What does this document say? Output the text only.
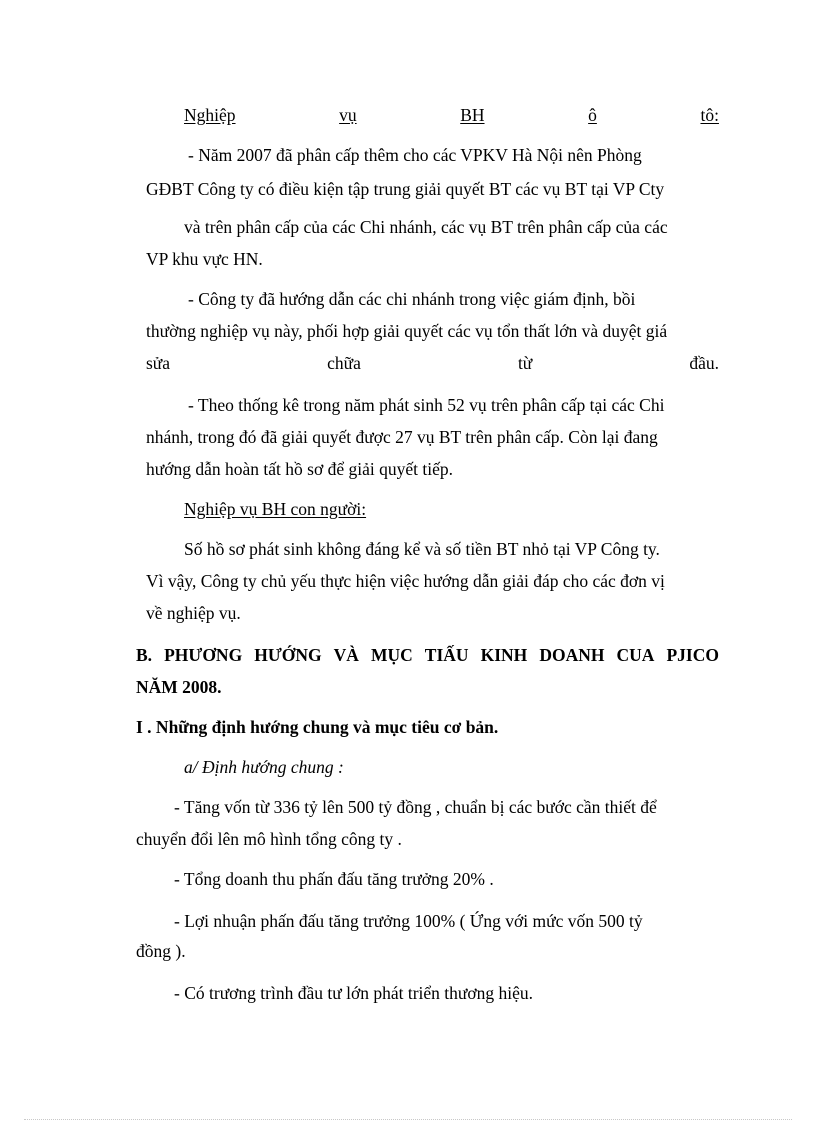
Nghiệp	vụ	BH	ô	tô:
- Năm 2007 đã phân cấp thêm cho các VPKV Hà Nội nên Phòng
GĐBT Công ty có điều kiện tập trung giải quyết BT các vụ BT tại VP Cty
và trên phân cấp của các Chi nhánh, các vụ BT trên phân cấp của các
VP khu vực HN.
- Công ty đã hướng dẫn các chi nhánh trong việc giám định, bồi
thường nghiệp vụ này, phối hợp giải quyết các vụ tổn thất lớn và duyệt giá
sửa	chữa	từ	đầu.
- Theo thống kê trong năm phát sinh 52 vụ trên phân cấp tại các Chi
nhánh, trong đó đã giải quyết được 27 vụ BT trên phân cấp. Còn lại đang
hướng dẫn hoàn tất hồ sơ để giải quyết tiếp.
Nghiệp vụ BH con người:
Số hồ sơ phát sinh không đáng kể và số tiền BT nhỏ tại VP Công ty.
Vì vậy, Công ty chủ yếu thực hiện việc hướng dẫn giải đáp cho các đơn vị
về nghiệp vụ.
B. PHƯƠNG HƯỚNG VÀ MỤC TIẤU KINH DOANH CUA PJICO
NĂM 2008.
I . Những định hướng chung và mục tiêu cơ bản.
a/ Định hướng chung :
- Tăng vốn từ 336 tỷ lên 500 tỷ đồng , chuẩn bị các bước cần thiết để
chuyển đổi lên mô hình tổng công ty .
- Tổng doanh thu phấn đấu tăng trưởng 20% .
- Lợi nhuận phấn đấu tăng trưởng 100% ( Ứng với mức vốn 500 tỷ
đồng ).
- Có trương trình đầu tư lớn phát triển thương hiệu.
